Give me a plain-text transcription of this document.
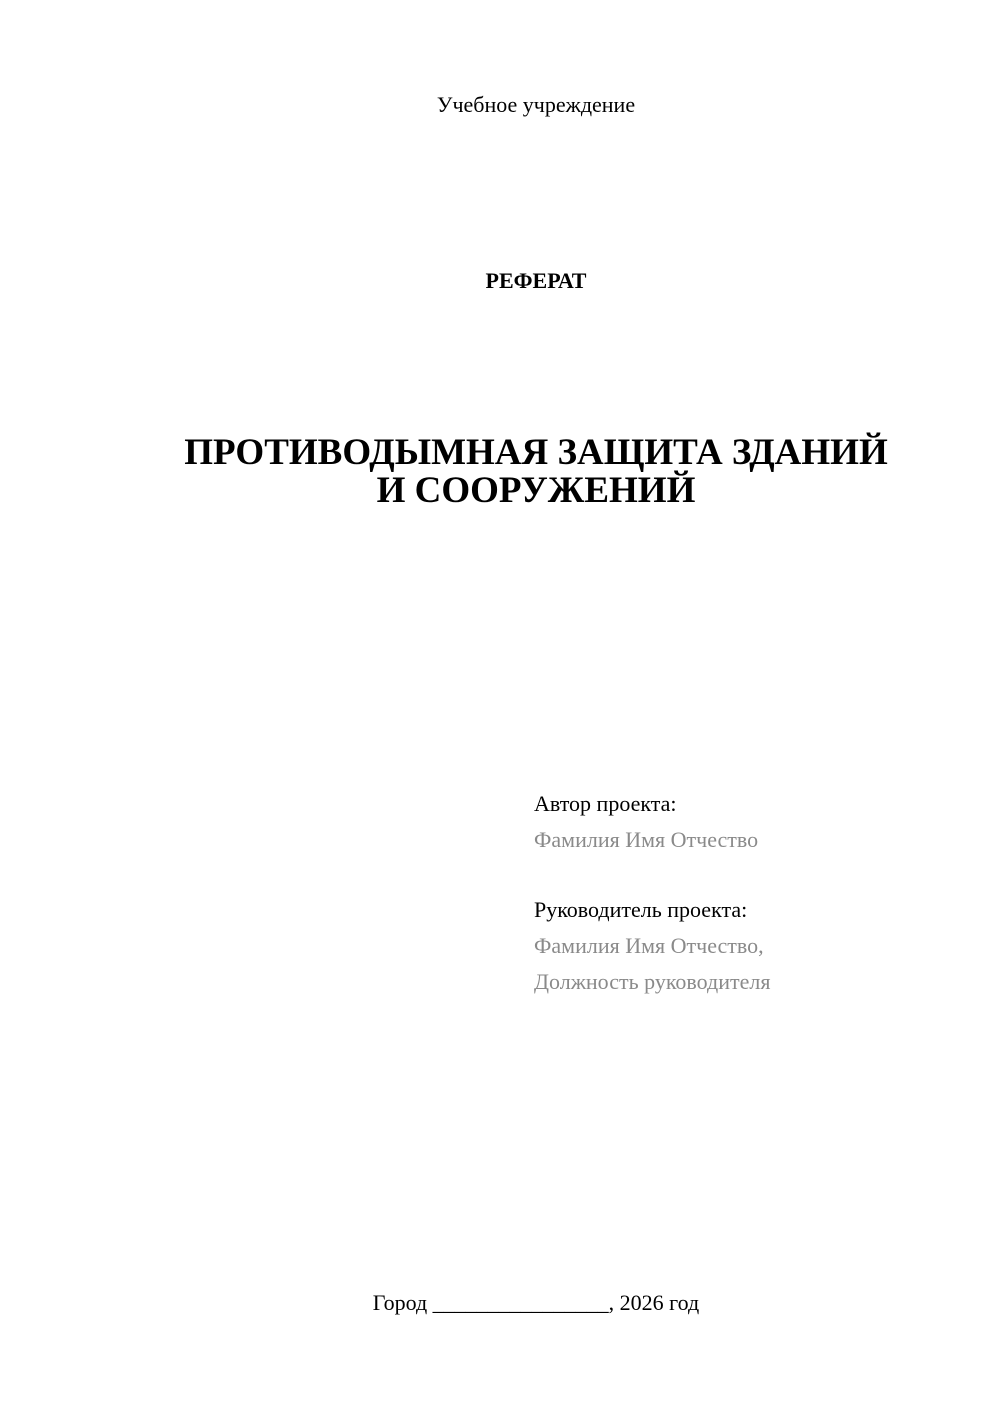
Учебное учреждение
РЕФЕРАТ
ПРОТИВОДЫМНАЯ ЗАЩИТА ЗДАНИЙ
И СООРУЖЕНИЙ
Автор проекта:
Фамилия Имя Отчество
Руководитель проекта:
Фамилия Имя Отчество,
Должность руководителя
Город ________________, 2026 год
